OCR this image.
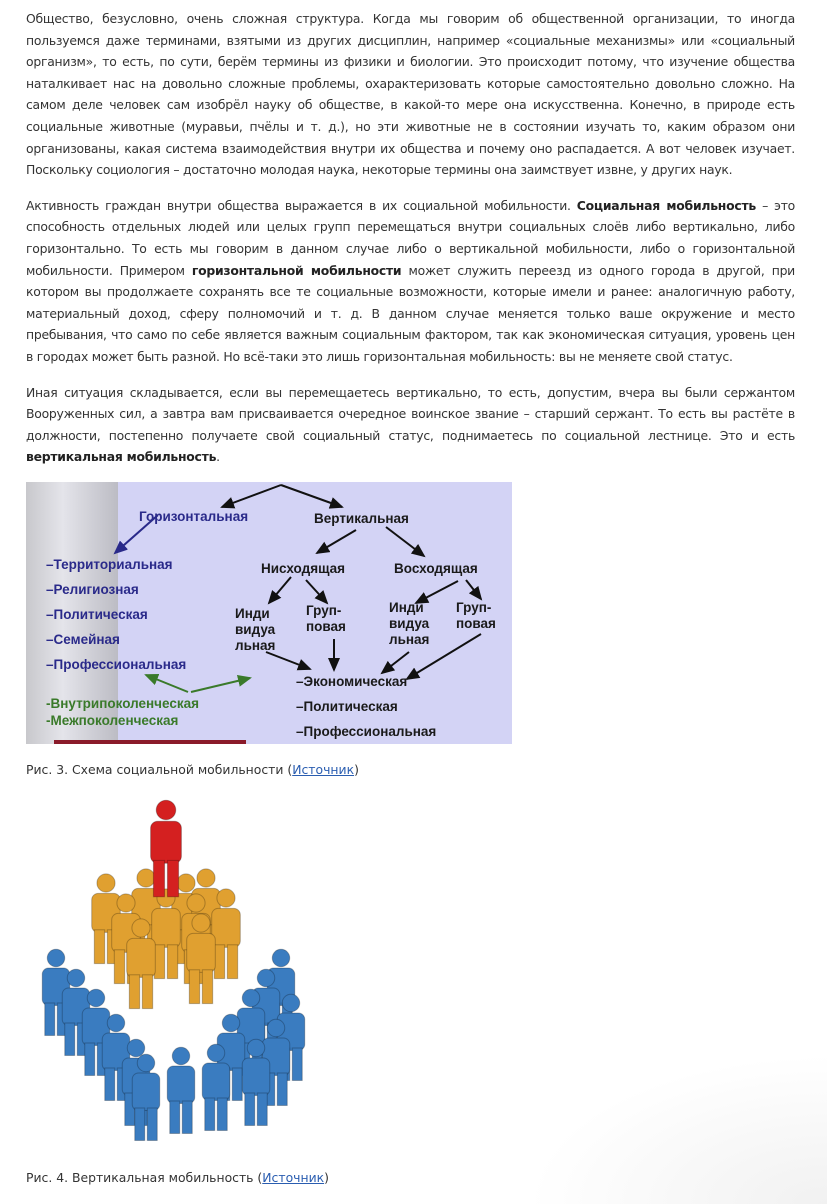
Общество, безусловно, очень сложная структура. Когда мы говорим об общественной организации, то иногда пользуемся даже терминами, взятыми из других дисциплин, например «социальные механизмы» или «социальный организм», то есть, по сути, берём термины из физики и биологии. Это происходит потому, что изучение общества наталкивает нас на довольно сложные проблемы, охарактеризовать которые самостоятельно довольно сложно. На самом деле человек сам изобрёл науку об обществе, в какой-то мере она искусственна. Конечно, в природе есть социальные животные (муравьи, пчёлы и т. д.), но эти животные не в состоянии изучать то, каким образом они организованы, какая система взаимодействия внутри их общества и почему оно распадается. А вот человек изучает. Поскольку социология – достаточно молодая наука, некоторые термины она заимствует извне, у других наук.

Активность граждан внутри общества выражается в их социальной мобильности. Социальная мобильность – это способность отдельных людей или целых групп перемещаться внутри социальных слоёв либо вертикально, либо горизонтально. То есть мы говорим в данном случае либо о вертикальной мобильности, либо о горизонтальной мобильности. Примером горизонтальной мобильности может служить переезд из одного города в другой, при котором вы продолжаете сохранять все те социальные возможности, которые имели и ранее: аналогичную работу, материальный доход, сферу полномочий и т. д. В данном случае меняется только ваше окружение и место пребывания, что само по себе является важным социальным фактором, так как экономическая ситуация, уровень цен в городах может быть разной. Но всё-таки это лишь горизонтальная мобильность: вы не меняете свой статус.

Иная ситуация складывается, если вы перемещаетесь вертикально, то есть, допустим, вчера вы были сержантом Вооруженных сил, а завтра вам присваивается очередное воинское звание – старший сержант. То есть вы растёте в должности, постепенно получаете свой социальный статус, поднимаетесь по социальной лестнице. Это и есть вертикальная мобильность.

Горизонтальная	Вертикальная
–Территориальная
–Религиозная
–Политическая
–Семейная
–Профессиональная
-Внутрипоколенческая
-Межпоколенческая
Нисходящая	Восходящая
Инди
видуа
льная
Груп-
повая
Инди
видуа
льная
Груп-
повая
–Экономическая
–Политическая
–Профессиональная
Рис. 3. Схема социальной мобильности (Источник)
Рис. 4. Вертикальная мобильность (Источник)
